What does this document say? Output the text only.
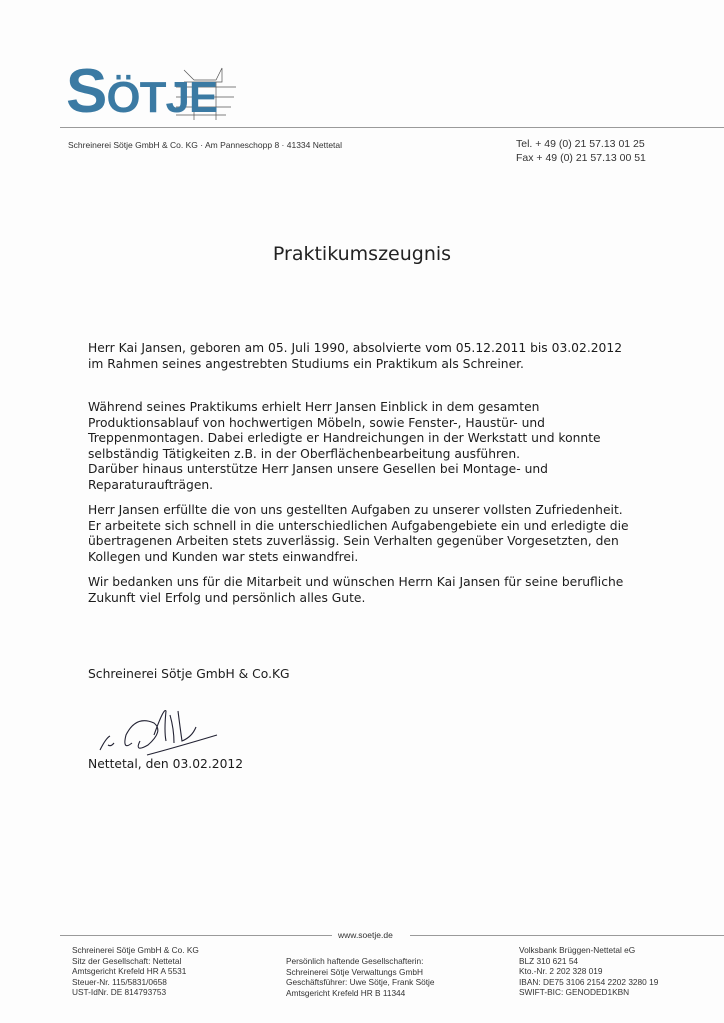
SÖTJE
Schreinerei Sötje GmbH & Co. KG · Am Panneschopp 8 · 41334 Nettetal	Tel. + 49 (0) 21 57.13 01 25
Fax + 49 (0) 21 57.13 00 51
Praktikumszeugnis

Herr Kai Jansen, geboren am 05. Juli 1990, absolvierte vom 05.12.2011 bis 03.02.2012

im Rahmen seines angestrebten Studiums ein Praktikum als Schreiner.

Während seines Praktikums erhielt Herr Jansen Einblick in dem gesamten

Produktionsablauf von hochwertigen Möbeln, sowie Fenster-, Haustür- und

Treppenmontagen. Dabei erledigte er Handreichungen in der Werkstatt und konnte

selbständig Tätigkeiten z.B. in der Oberflächenbearbeitung ausführen.

Darüber hinaus unterstütze Herr Jansen unsere Gesellen bei Montage- und

Reparaturaufträgen.

Herr Jansen erfüllte die von uns gestellten Aufgaben zu unserer vollsten Zufriedenheit.

Er arbeitete sich schnell in die unterschiedlichen Aufgabengebiete ein und erledigte die

übertragenen Arbeiten stets zuverlässig. Sein Verhalten gegenüber Vorgesetzten, den

Kollegen und Kunden war stets einwandfrei.

Wir bedanken uns für die Mitarbeit und wünschen Herrn Kai Jansen für seine berufliche

Zukunft viel Erfolg und persönlich alles Gute.

Schreinerei Sötje GmbH & Co.KG
Nettetal, den 03.02.2012
www.soetje.de
Schreinerei Sötje GmbH & Co. KG
Sitz der Gesellschaft: Nettetal
Amtsgericht Krefeld HR A 5531
Steuer-Nr. 115/5831/0658
UST-IdNr. DE 814793753
Persönlich haftende Gesellschafterin:
Schreinerei Sötje Verwaltungs GmbH
Geschäftsführer: Uwe Sötje, Frank Sötje
Amtsgericht Krefeld HR B 11344
Volksbank Brüggen-Nettetal eG
BLZ 310 621 54
Kto.-Nr. 2 202 328 019
IBAN: DE75 3106 2154 2202 3280 19
SWIFT-BIC: GENODED1KBN
